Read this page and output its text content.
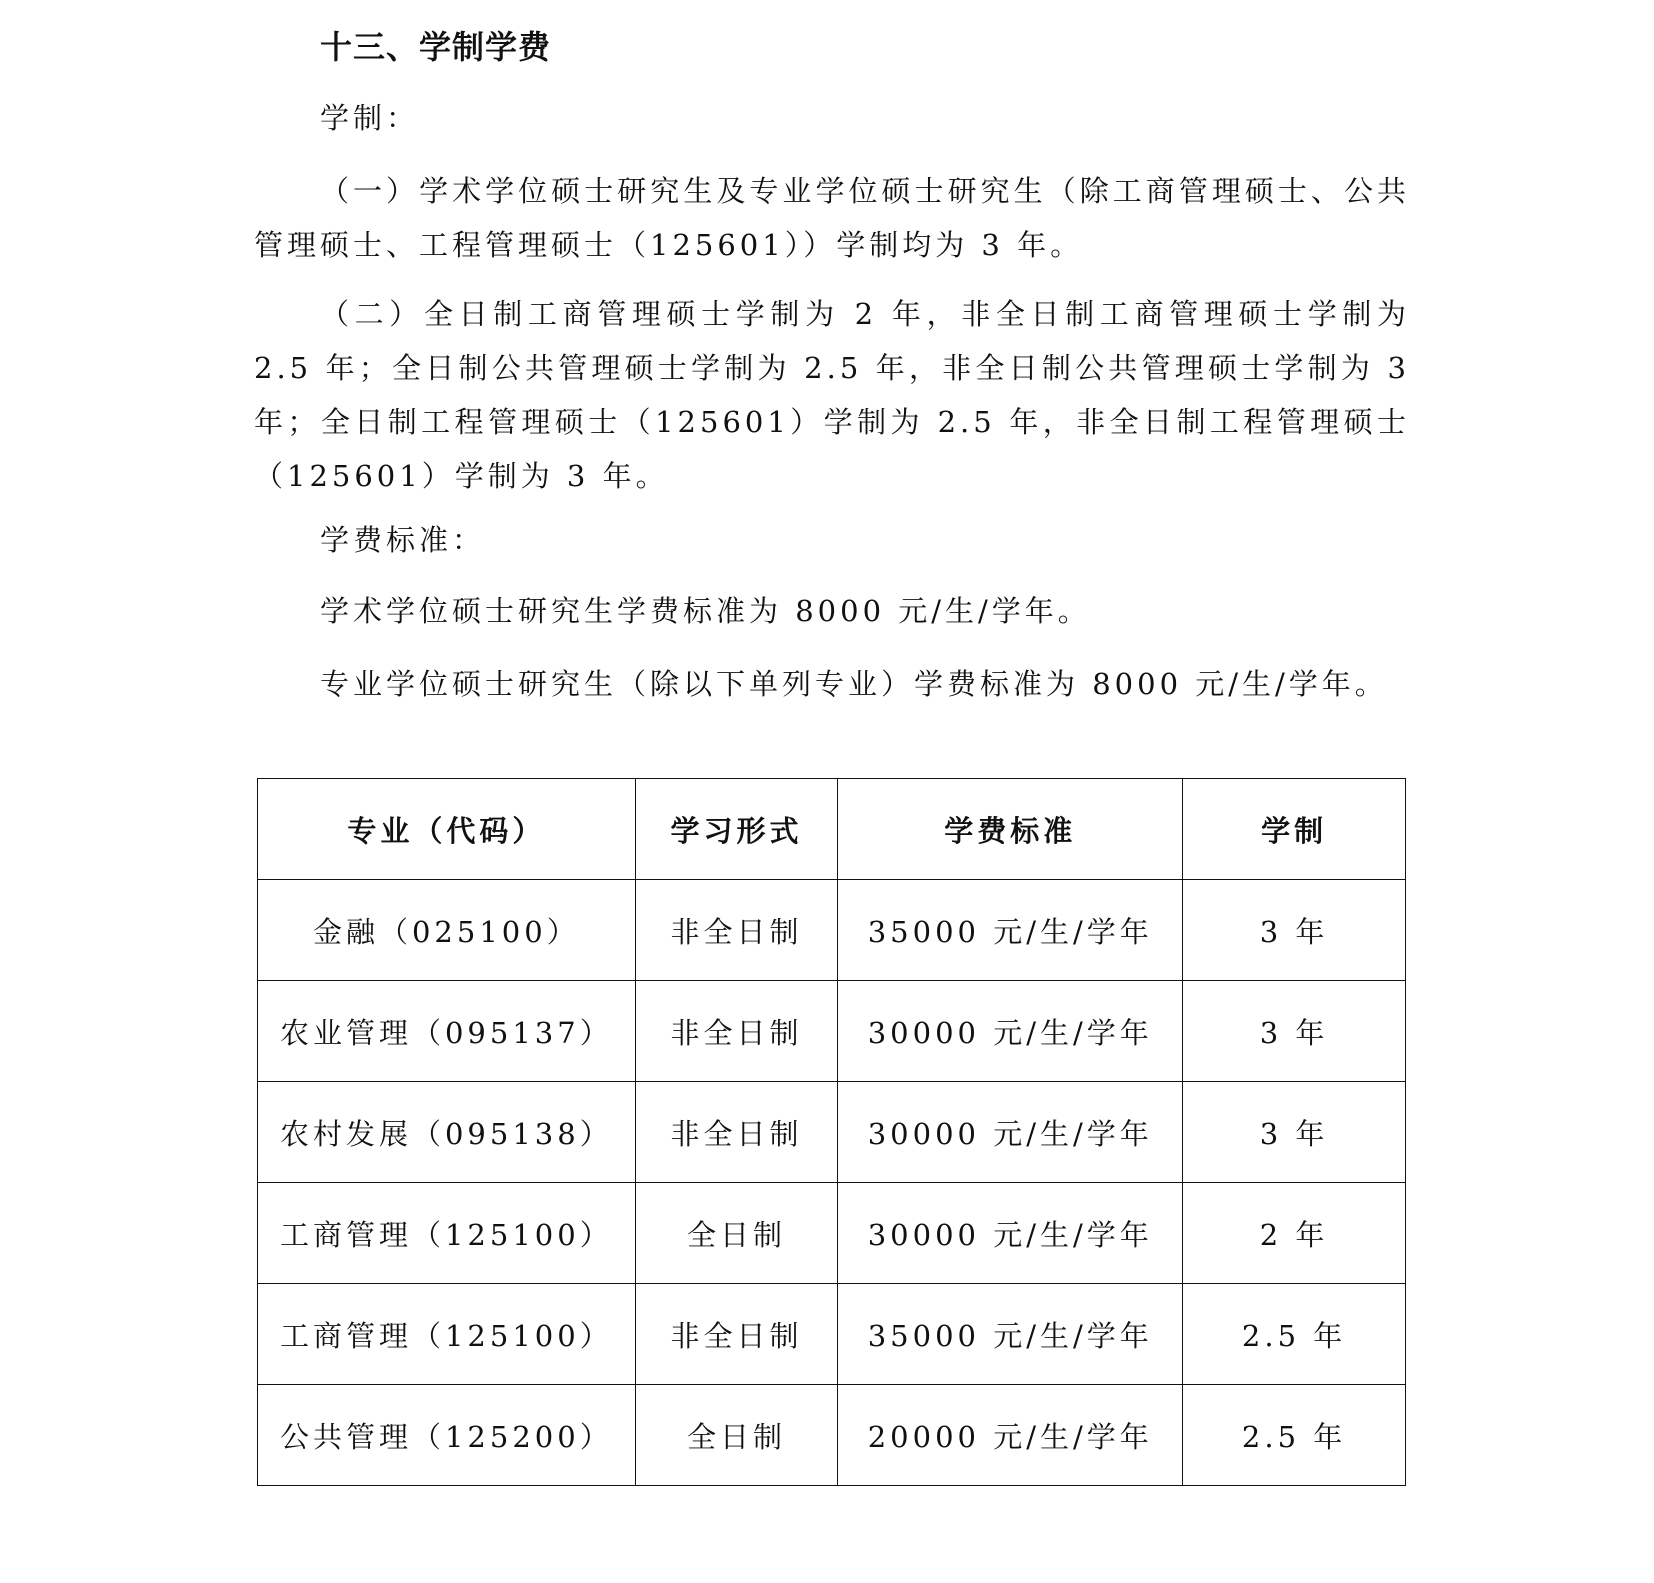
十三、学制学费
学制：

（一）学术学位硕士研究生及专业学位硕士研究生（除工商管理硕士、公共管理硕士、工程管理硕士（125601））学制均为 3 年。

（二）全日制工商管理硕士学制为 2 年，非全日制工商管理硕士学制为 2.5 年；全日制公共管理硕士学制为 2.5 年，非全日制公共管理硕士学制为 3 年；全日制工程管理硕士（125601）学制为 2.5 年，非全日制工程管理硕士（125601）学制为 3 年。

学费标准：
学术学位硕士研究生学费标准为 8000 元/生/学年。
专业学位硕士研究生（除以下单列专业）学费标准为 8000 元/生/学年。
专业（代码）	学习形式	学费标准	学制
金融（025100）	非全日制	35000 元/生/学年	3 年
农业管理（095137）	非全日制	30000 元/生/学年	3 年
农村发展（095138）	非全日制	30000 元/生/学年	3 年
工商管理（125100）	全日制	30000 元/生/学年	2 年
工商管理（125100）	非全日制	35000 元/生/学年	2.5 年
公共管理（125200）	全日制	20000 元/生/学年	2.5 年
